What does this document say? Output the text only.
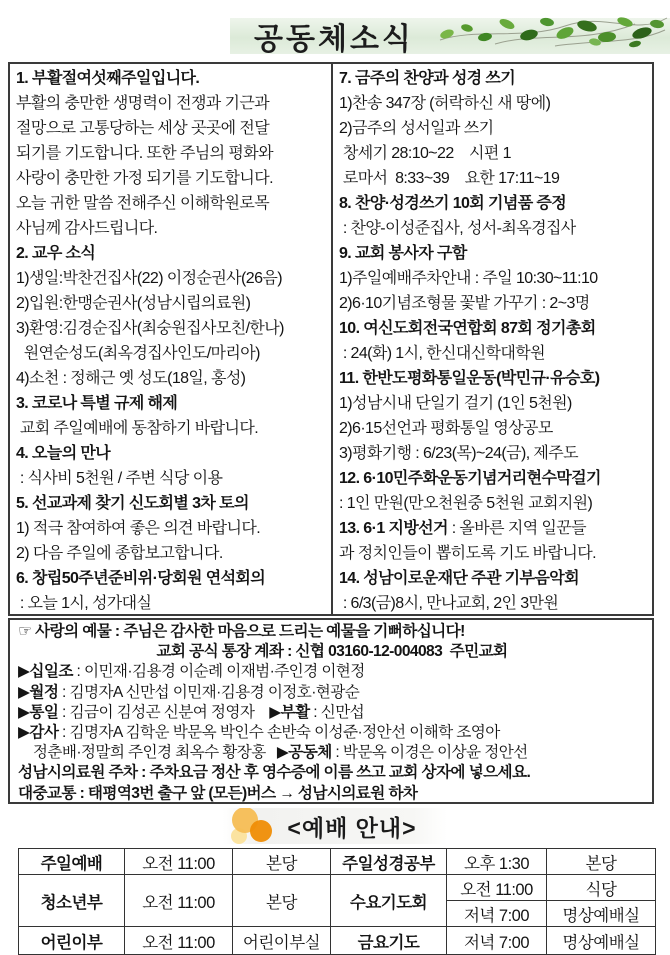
공동체소식
1. 부활절여섯째주일입니다.
부활의 충만한 생명력이 전쟁과 기근과
절망으로 고통당하는 세상 곳곳에 전달
되기를 기도합니다. 또한 주님의 평화와
사랑이 충만한 가정 되기를 기도합니다.
오늘 귀한 말씀 전해주신 이해학원로목
사님께 감사드립니다.
2. 교우 소식
1)생일:박찬건집사(22) 이정순권사(26음)
2)입원:한맹순권사(성남시립의료원)
3)환영:김경순집사(최숭원집사모친/한나)
원연순성도(최옥경집사인도/마리아)
4)소천 : 정해근 옛 성도(18일, 홍성)
3. 코로나 특별 규제 해제
교회 주일예배에 동참하기 바랍니다.
4. 오늘의 만나
: 식사비 5천원 / 주변 식당 이용
5. 선교과제 찾기 신도회별 3차 토의
1) 적극 참여하여 좋은 의견 바랍니다.
2) 다음 주일에 종합보고합니다.
6. 창립50주년준비위·당회원 연석회의
: 오늘 1시, 성가대실
7. 금주의 찬양과 성경 쓰기
1)찬송 347장 (허락하신 새 땅에)
2)금주의 성서일과 쓰기
창세기 28:10~22    시편 1
로마서  8:33~39    요한 17:11~19
8. 찬양·성경쓰기 10회 기념품 증정
: 찬양-이성준집사, 성서-최옥경집사
9. 교회 봉사자 구함
1)주일예배주차안내 : 주일 10:30~11:10
2)6·10기념조형물 꽃밭 가꾸기 : 2~3명
10. 여신도회전국연합회 87회 정기총회
: 24(화) 1시, 한신대신학대학원
11. 한반도평화통일운동(박민규·유승호)
1)성남시내 단일기 걸기 (1인 5천원)
2)6·15선언과 평화통일 영상공모
3)평화기행 : 6/23(목)~24(금), 제주도
12. 6·10민주화운동기념거리현수막걸기
: 1인 만원(만오천원중 5천원 교회지원)
13. 6·1 지방선거 : 올바른 지역 일꾼들
과 정치인들이 뽑히도록 기도 바랍니다.
14. 성남이로운재단 주관 기부음악회
: 6/3(금)8시, 만나교회, 2인 3만원
☞ 사랑의 예물 : 주님은 감사한 마음으로 드리는 예물을 기뻐하십니다!
교회 공식 통장 계좌 : 신협 03160-12-004083  주민교회
▶십일조 : 이민재·김용경 이순례 이재범·주인경 이현정
▶월정 : 김명자A 신만섭 이민재·김용경 이정호·현광순
▶통일 : 김금이 김성곤 신분여 정영자    ▶부활 : 신만섭
▶감사 : 김명자A 김학운 박문옥 박인수 손반숙 이성준·정안선 이해학 조영아
정춘배·정말희 주인경 최옥수 황장홍   ▶공동체 : 박문옥 이경은 이상윤 정안선
성남시의료원 주차 : 주차요금 정산 후 영수증에 이름 쓰고 교회 상자에 넣으세요.
대중교통 : 태평역3번 출구 앞 (모든)버스 → 성남시의료원 하차
<예배 안내>
주일예배	오전 11:00	본당	주일성경공부	오후 1:30	본당
청소년부	오전 11:00	본당	수요기도회	오전 11:00	식당
				저녁 7:00	명상예배실
어린이부	오전 11:00	어린이부실	금요기도	저녁 7:00	명상예배실
